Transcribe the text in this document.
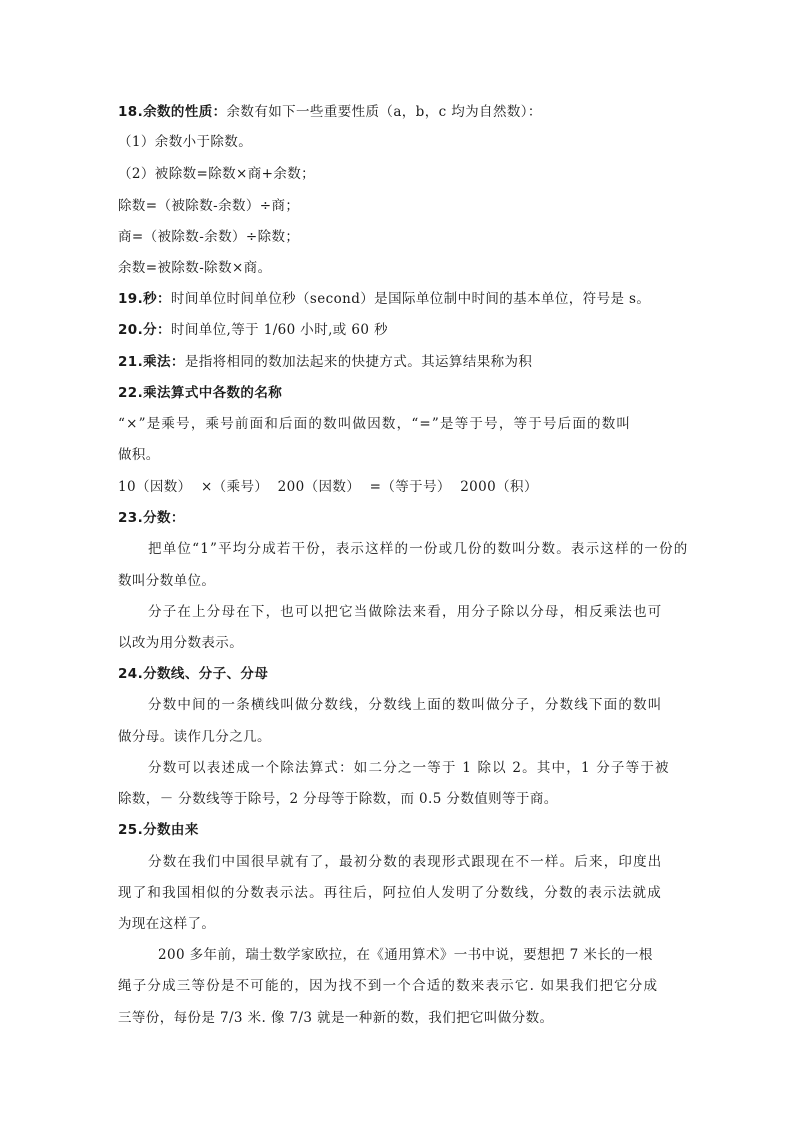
18.余数的性质：余数有如下一些重要性质（a，b，c 均为自然数）：
（1）余数小于除数。
（2）被除数=除数×商+余数；
除数=（被除数-余数）÷商；
商=（被除数-余数）÷除数；
余数=被除数-除数×商。
19.秒：时间单位时间单位秒（second）是国际单位制中时间的基本单位，符号是 s。
20.分：时间单位,等于 1/60 小时,或 60 秒
21.乘法：是指将相同的数加法起来的快捷方式。其运算结果称为积
22.乘法算式中各数的名称
“×”是乘号，乘号前面和后面的数叫做因数，“=”是等于号，等于号后面的数叫
做积。
10（因数）  ×（乘号）  200（因数）  =（等于号）  2000（积）
23.分数：
把单位“1”平均分成若干份，表示这样的一份或几份的数叫分数。表示这样的一份的
数叫分数单位。
分子在上分母在下，也可以把它当做除法来看，用分子除以分母，相反乘法也可
以改为用分数表示。
24.分数线、分子、分母
分数中间的一条横线叫做分数线，分数线上面的数叫做分子，分数线下面的数叫
做分母。读作几分之几。
分数可以表述成一个除法算式：如二分之一等于 1 除以 2。其中，1 分子等于被
除数，－ 分数线等于除号，2 分母等于除数，而 0.5 分数值则等于商。
25.分数由来
分数在我们中国很早就有了，最初分数的表现形式跟现在不一样。后来，印度出
现了和我国相似的分数表示法。再往后，阿拉伯人发明了分数线，分数的表示法就成
为现在这样了。
200 多年前，瑞士数学家欧拉，在《通用算术》一书中说，要想把 7 米长的一根
绳子分成三等份是不可能的，因为找不到一个合适的数来表示它. 如果我们把它分成
三等份，每份是 7/3 米. 像 7/3 就是一种新的数，我们把它叫做分数。
